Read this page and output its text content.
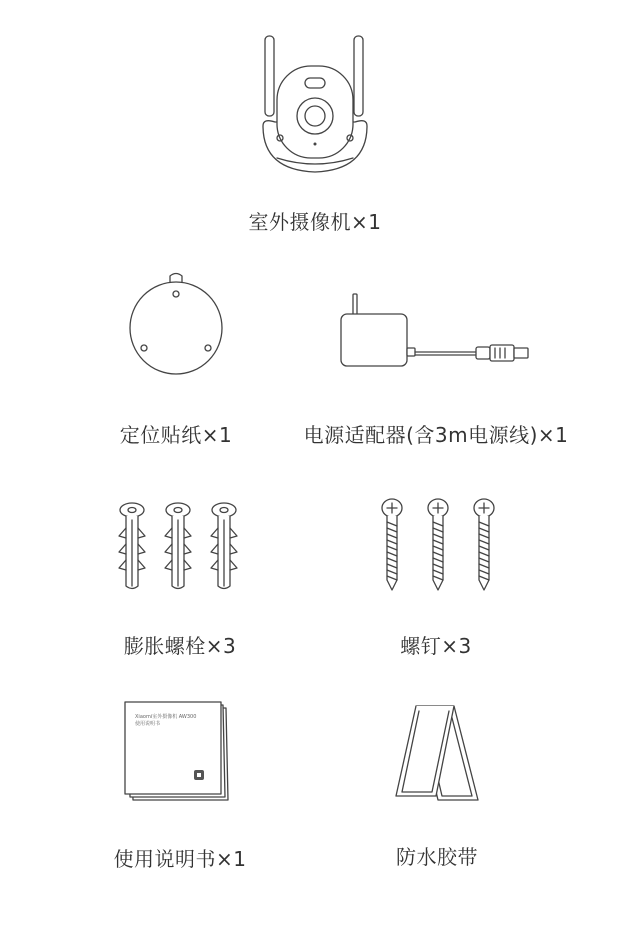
室外摄像机×1
定位贴纸×1	电源适配器(含3m电源线)×1
膨胀螺栓×3	螺钉×3
Xiaomi室外摄像机 AW300
使用说明书
使用说明书×1	防水胶带
